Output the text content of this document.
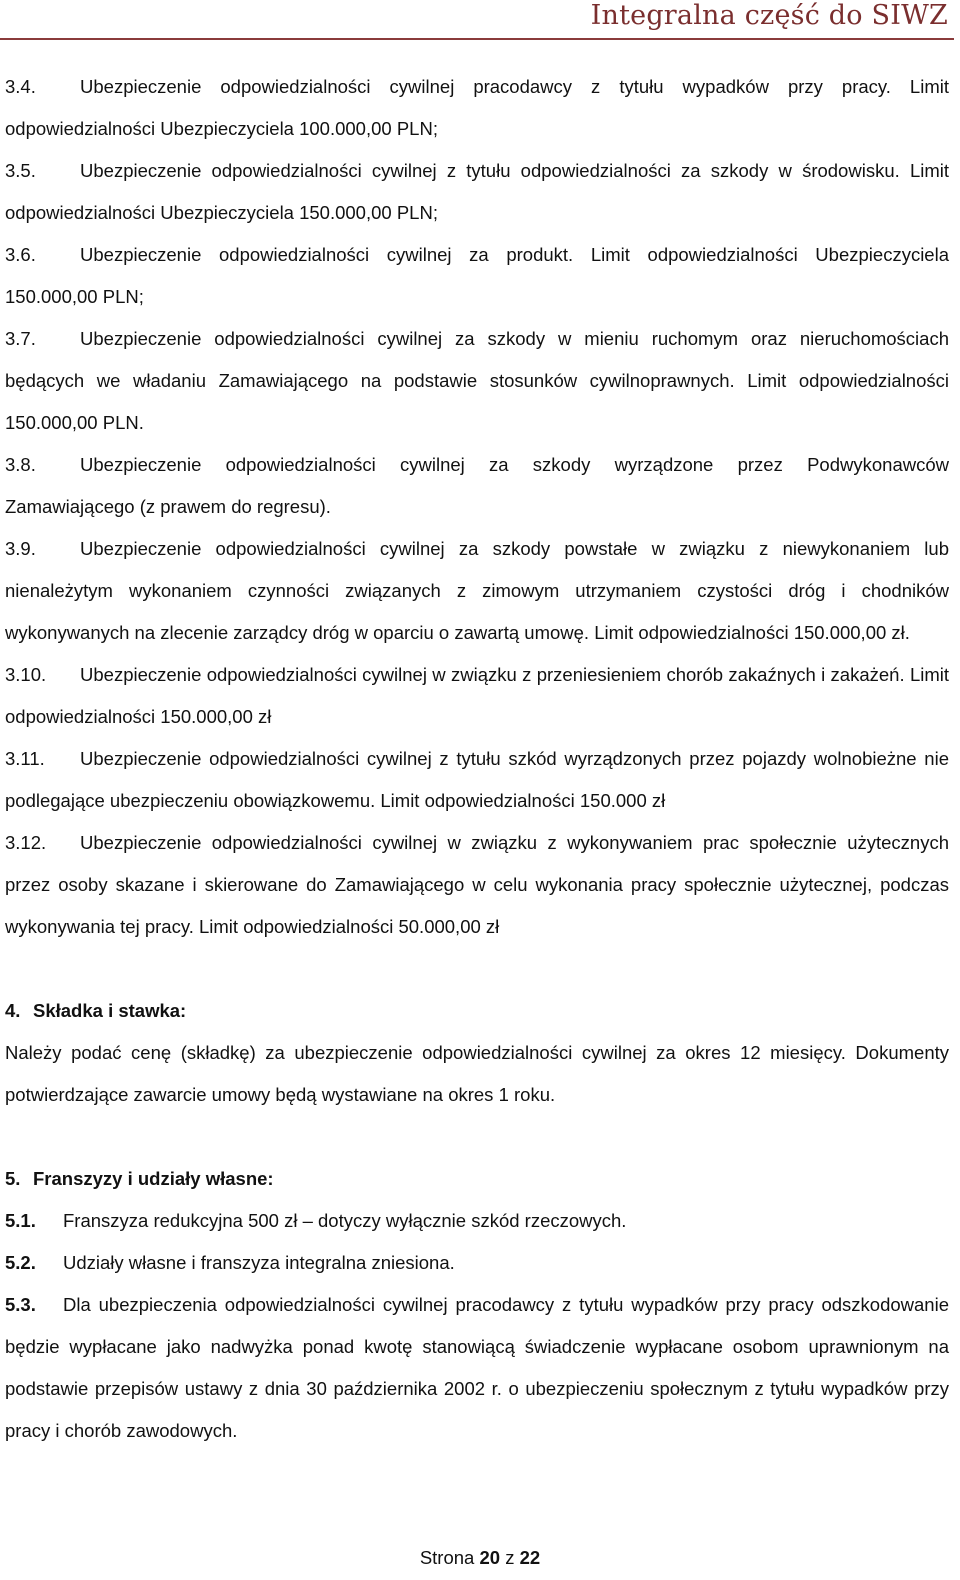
Integralna część do SIWZ

3.4. Ubezpieczenie odpowiedzialności cywilnej pracodawcy z tytułu wypadków przy pracy. Limit odpowiedzialności Ubezpieczyciela 100.000,00 PLN;

3.5. Ubezpieczenie odpowiedzialności cywilnej z tytułu odpowiedzialności za szkody w środowisku. Limit odpowiedzialności Ubezpieczyciela 150.000,00 PLN;

3.6. Ubezpieczenie odpowiedzialności cywilnej za produkt. Limit odpowiedzialności Ubezpieczyciela 150.000,00 PLN;

3.7. Ubezpieczenie odpowiedzialności cywilnej za szkody w mieniu ruchomym oraz nieruchomościach będących we władaniu Zamawiającego na podstawie stosunków cywilnoprawnych. Limit odpowiedzialności 150.000,00 PLN.

3.8. Ubezpieczenie odpowiedzialności cywilnej za szkody wyrządzone przez Podwykonawców Zamawiającego (z prawem do regresu).

3.9. Ubezpieczenie odpowiedzialności cywilnej za szkody powstałe w związku z niewykonaniem lub nienależytym wykonaniem czynności związanych z zimowym utrzymaniem czystości dróg i chodników wykonywanych na zlecenie zarządcy dróg w oparciu o zawartą umowę. Limit odpowiedzialności 150.000,00 zł.

3.10. Ubezpieczenie odpowiedzialności cywilnej w związku z przeniesieniem chorób zakaźnych i zakażeń. Limit odpowiedzialności 150.000,00 zł

3.11. Ubezpieczenie odpowiedzialności cywilnej z tytułu szkód wyrządzonych przez pojazdy wolnobieżne nie podlegające ubezpieczeniu obowiązkowemu. Limit odpowiedzialności 150.000 zł

3.12. Ubezpieczenie odpowiedzialności cywilnej w związku z wykonywaniem prac społecznie użytecznych przez osoby skazane i skierowane do Zamawiającego w celu wykonania pracy społecznie użytecznej, podczas wykonywania tej pracy. Limit odpowiedzialności 50.000,00 zł

4. Składka i stawka:

Należy podać cenę (składkę) za ubezpieczenie odpowiedzialności cywilnej za okres 12 miesięcy. Dokumenty potwierdzające zawarcie umowy będą wystawiane na okres 1 roku.

5. Franszyzy i udziały własne:

5.1. Franszyza redukcyjna 500 zł – dotyczy wyłącznie szkód rzeczowych.

5.2. Udziały własne i franszyza integralna zniesiona.

5.3. Dla ubezpieczenia odpowiedzialności cywilnej pracodawcy z tytułu wypadków przy pracy odszkodowanie będzie wypłacane jako nadwyżka ponad kwotę stanowiącą świadczenie wypłacane osobom uprawnionym na podstawie przepisów ustawy z dnia 30 października 2002 r. o ubezpieczeniu społecznym z tytułu wypadków przy pracy i chorób zawodowych.

Strona 20 z 22
